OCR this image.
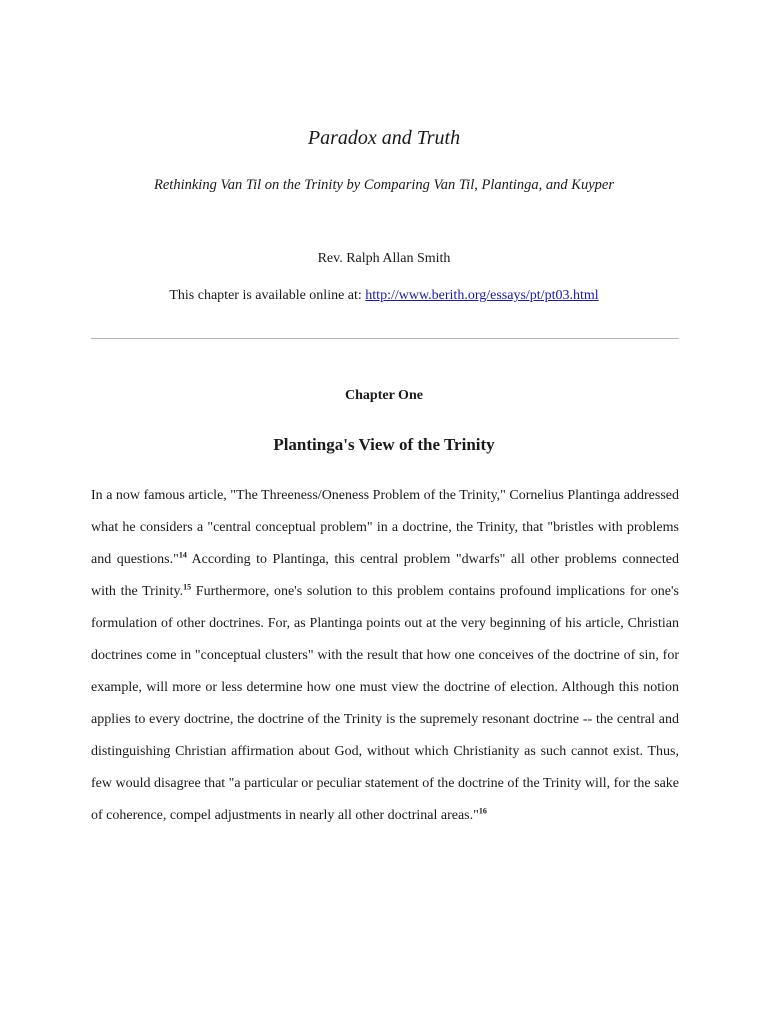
Paradox and Truth

Rethinking Van Til on the Trinity by Comparing Van Til, Plantinga, and Kuyper

Rev. Ralph Allan Smith

This chapter is available online at: http://www.berith.org/essays/pt/pt03.html

Chapter One

Plantinga's View of the Trinity

In a now famous article, "The Threeness/Oneness Problem of the Trinity," Cornelius Plantinga addressed what he considers a "central conceptual problem" in a doctrine, the Trinity, that "bristles with problems and questions."$^{14}$ According to Plantinga, this central problem "dwarfs" all other problems connected with the Trinity.$^{15}$ Furthermore, one's solution to this problem contains profound implications for one's formulation of other doctrines. For, as Plantinga points out at the very beginning of his article, Christian doctrines come in "conceptual clusters" with the result that how one conceives of the doctrine of sin, for example, will more or less determine how one must view the doctrine of election. Although this notion applies to every doctrine, the doctrine of the Trinity is the supremely resonant doctrine -- the central and distinguishing Christian affirmation about God, without which Christianity as such cannot exist. Thus, few would disagree that "a particular or peculiar statement of the doctrine of the Trinity will, for the sake of coherence, compel adjustments in nearly all other doctrinal areas."$^{16}$
